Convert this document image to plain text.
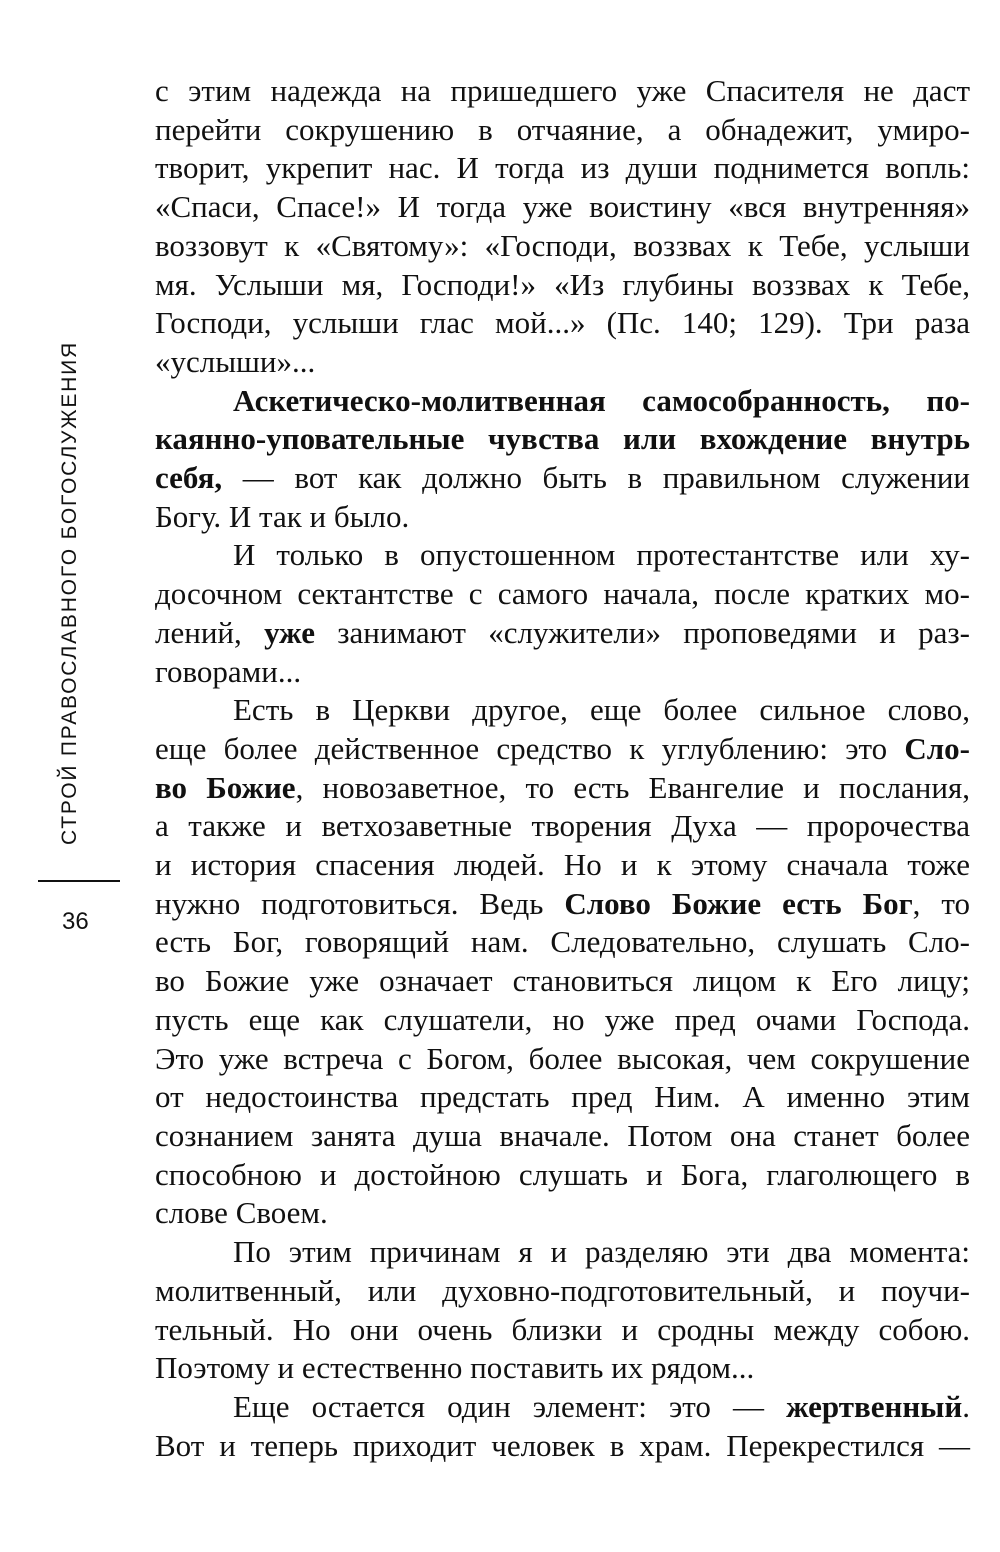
СТРОЙ ПРАВОСЛАВНОГО БОГОСЛУЖЕНИЯ
36
с этим надежда на пришедшего уже Спасителя не даст
перейти сокрушению в отчаяние, а обнадежит, умиро-
творит, укрепит нас. И тогда из души поднимется вопль:
«Спаси, Спасе!» И тогда уже воистину «вся внутренняя»
воззовут к «Святому»: «Господи, воззвах к Тебе, услыши
мя. Услыши мя, Господи!» «Из глубины воззвах к Тебе,
Господи, услыши глас мой...» (Пс. 140; 129). Три раза
«услыши»...
Аскетическо-молитвенная самособранность, по-
каянно-уповательные чувства или вхождение внутрь
себя, — вот как должно быть в правильном служении
Богу. И так и было.
И только в опустошенном протестантстве или ху-
досочном сектантстве с самого начала, после кратких мо-
лений, уже занимают «служители» проповедями и раз-
говорами...
Есть в Церкви другое, еще более сильное слово,
еще более действенное средство к углублению: это Сло-
во Божие, новозаветное, то есть Евангелие и послания,
а также и ветхозаветные творения Духа — пророчества
и история спасения людей. Но и к этому сначала тоже
нужно подготовиться. Ведь Слово Божие есть Бог, то
есть Бог, говорящий нам. Следовательно, слушать Сло-
во Божие уже означает становиться лицом к Его лицу;
пусть еще как слушатели, но уже пред очами Господа.
Это уже встреча с Богом, более высокая, чем сокрушение
от недостоинства предстать пред Ним. А именно этим
сознанием занята душа вначале. Потом она станет более
способною и достойною слушать и Бога, глаголющего в
слове Своем.
По этим причинам я и разделяю эти два момента:
молитвенный, или духовно-подготовительный, и поучи-
тельный. Но они очень близки и сродны между собою.
Поэтому и естественно поставить их рядом...
Еще остается один элемент: это — жертвенный.
Вот и теперь приходит человек в храм. Перекрестился —
